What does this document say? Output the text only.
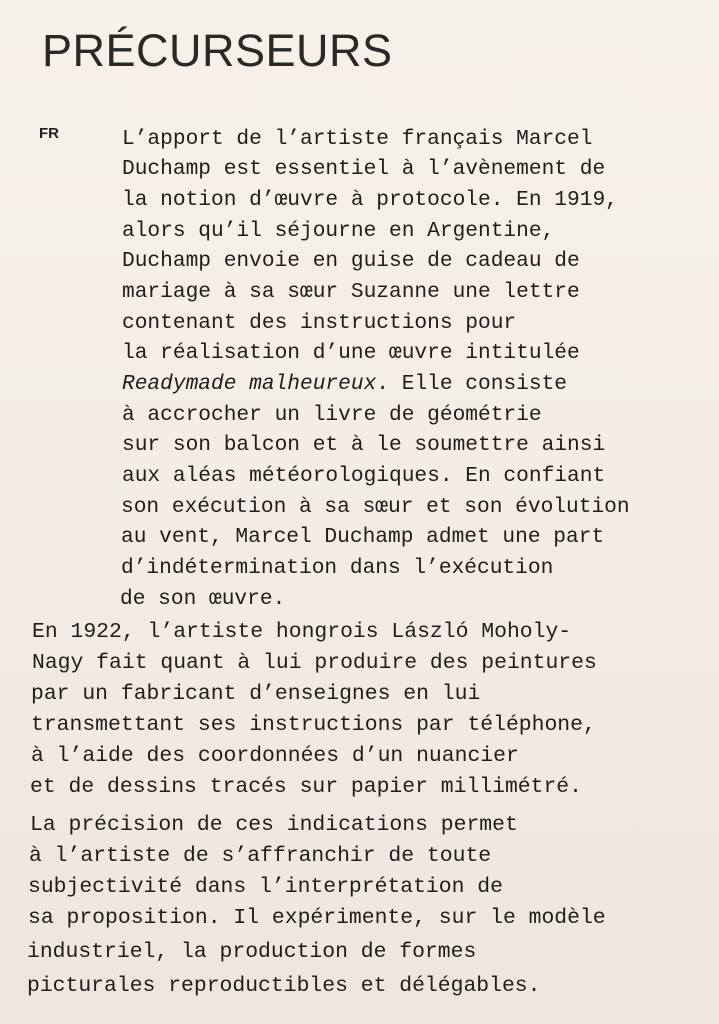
PRÉCURSEURS
FR	L’apport de l’artiste français Marcel
Duchamp est essentiel à l’avènement de
la notion d’œuvre à protocole. En 1919,
alors qu’il séjourne en Argentine,
Duchamp envoie en guise de cadeau de
mariage à sa sœur Suzanne une lettre
contenant des instructions pour
la réalisation d’une œuvre intitulée
Readymade malheureux. Elle consiste
à accrocher un livre de géométrie
sur son balcon et à le soumettre ainsi
aux aléas météorologiques. En confiant
son exécution à sa sœur et son évolution
au vent, Marcel Duchamp admet une part
d’indétermination dans l’exécution
de son œuvre.
En 1922, l’artiste hongrois László Moholy-
Nagy fait quant à lui produire des peintures
par un fabricant d’enseignes en lui
transmettant ses instructions par téléphone,
à l’aide des coordonnées d’un nuancier
et de dessins tracés sur papier millimétré.
La précision de ces indications permet
à l’artiste de s’affranchir de toute
subjectivité dans l’interprétation de
sa proposition. Il expérimente, sur le modèle
industriel, la production de formes
picturales reproductibles et délégables.
